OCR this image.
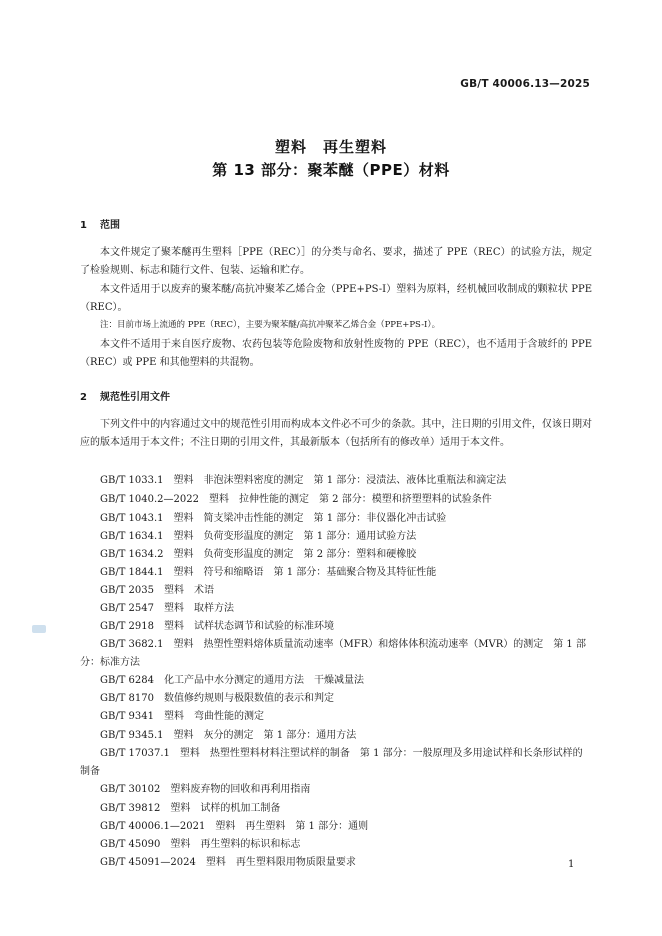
GB/T 40006.13—2025
塑料　再生塑料
第 13 部分：聚苯醚（PPE）材料
1 范围
本文件规定了聚苯醚再生塑料［PPE（REC）］的分类与命名、要求，描述了 PPE（REC）的试验方法，规定了检验规则、标志和随行文件、包装、运输和贮存。
本文件适用于以废弃的聚苯醚/高抗冲聚苯乙烯合金（PPE+PS-I）塑料为原料，经机械回收制成的颗粒状 PPE（REC）。
注：目前市场上流通的 PPE（REC），主要为聚苯醚/高抗冲聚苯乙烯合金（PPE+PS-I）。
本文件不适用于来自医疗废物、农药包装等危险废物和放射性废物的 PPE（REC），也不适用于含玻纤的 PPE（REC）或 PPE 和其他塑料的共混物。
2 规范性引用文件
下列文件中的内容通过文中的规范性引用而构成本文件必不可少的条款。其中，注日期的引用文件，仅该日期对应的版本适用于本文件；不注日期的引用文件，其最新版本（包括所有的修改单）适用于本文件。
GB/T 1033.1　塑料　非泡沫塑料密度的测定　第 1 部分：浸渍法、液体比重瓶法和滴定法
GB/T 1040.2—2022　塑料　拉伸性能的测定　第 2 部分：模塑和挤塑塑料的试验条件
GB/T 1043.1　塑料　简支梁冲击性能的测定　第 1 部分：非仪器化冲击试验
GB/T 1634.1　塑料　负荷变形温度的测定　第 1 部分：通用试验方法
GB/T 1634.2　塑料　负荷变形温度的测定　第 2 部分：塑料和硬橡胶
GB/T 1844.1　塑料　符号和缩略语　第 1 部分：基础聚合物及其特征性能
GB/T 2035　塑料　术语
GB/T 2547　塑料　取样方法
GB/T 2918　塑料　试样状态调节和试验的标准环境
GB/T 3682.1　塑料　热塑性塑料熔体质量流动速率（MFR）和熔体体积流动速率（MVR）的测定　第 1 部分：标准方法
GB/T 6284　化工产品中水分测定的通用方法　干燥减量法
GB/T 8170　数值修约规则与极限数值的表示和判定
GB/T 9341　塑料　弯曲性能的测定
GB/T 9345.1　塑料　灰分的测定　第 1 部分：通用方法
GB/T 17037.1　塑料　热塑性塑料材料注塑试样的制备　第 1 部分：一般原理及多用途试样和长条形试样的制备
GB/T 30102　塑料废弃物的回收和再利用指南
GB/T 39812　塑料　试样的机加工制备
GB/T 40006.1—2021　塑料　再生塑料　第 1 部分：通则
GB/T 45090　塑料　再生塑料的标识和标志
GB/T 45091—2024　塑料　再生塑料限用物质限量要求	1
